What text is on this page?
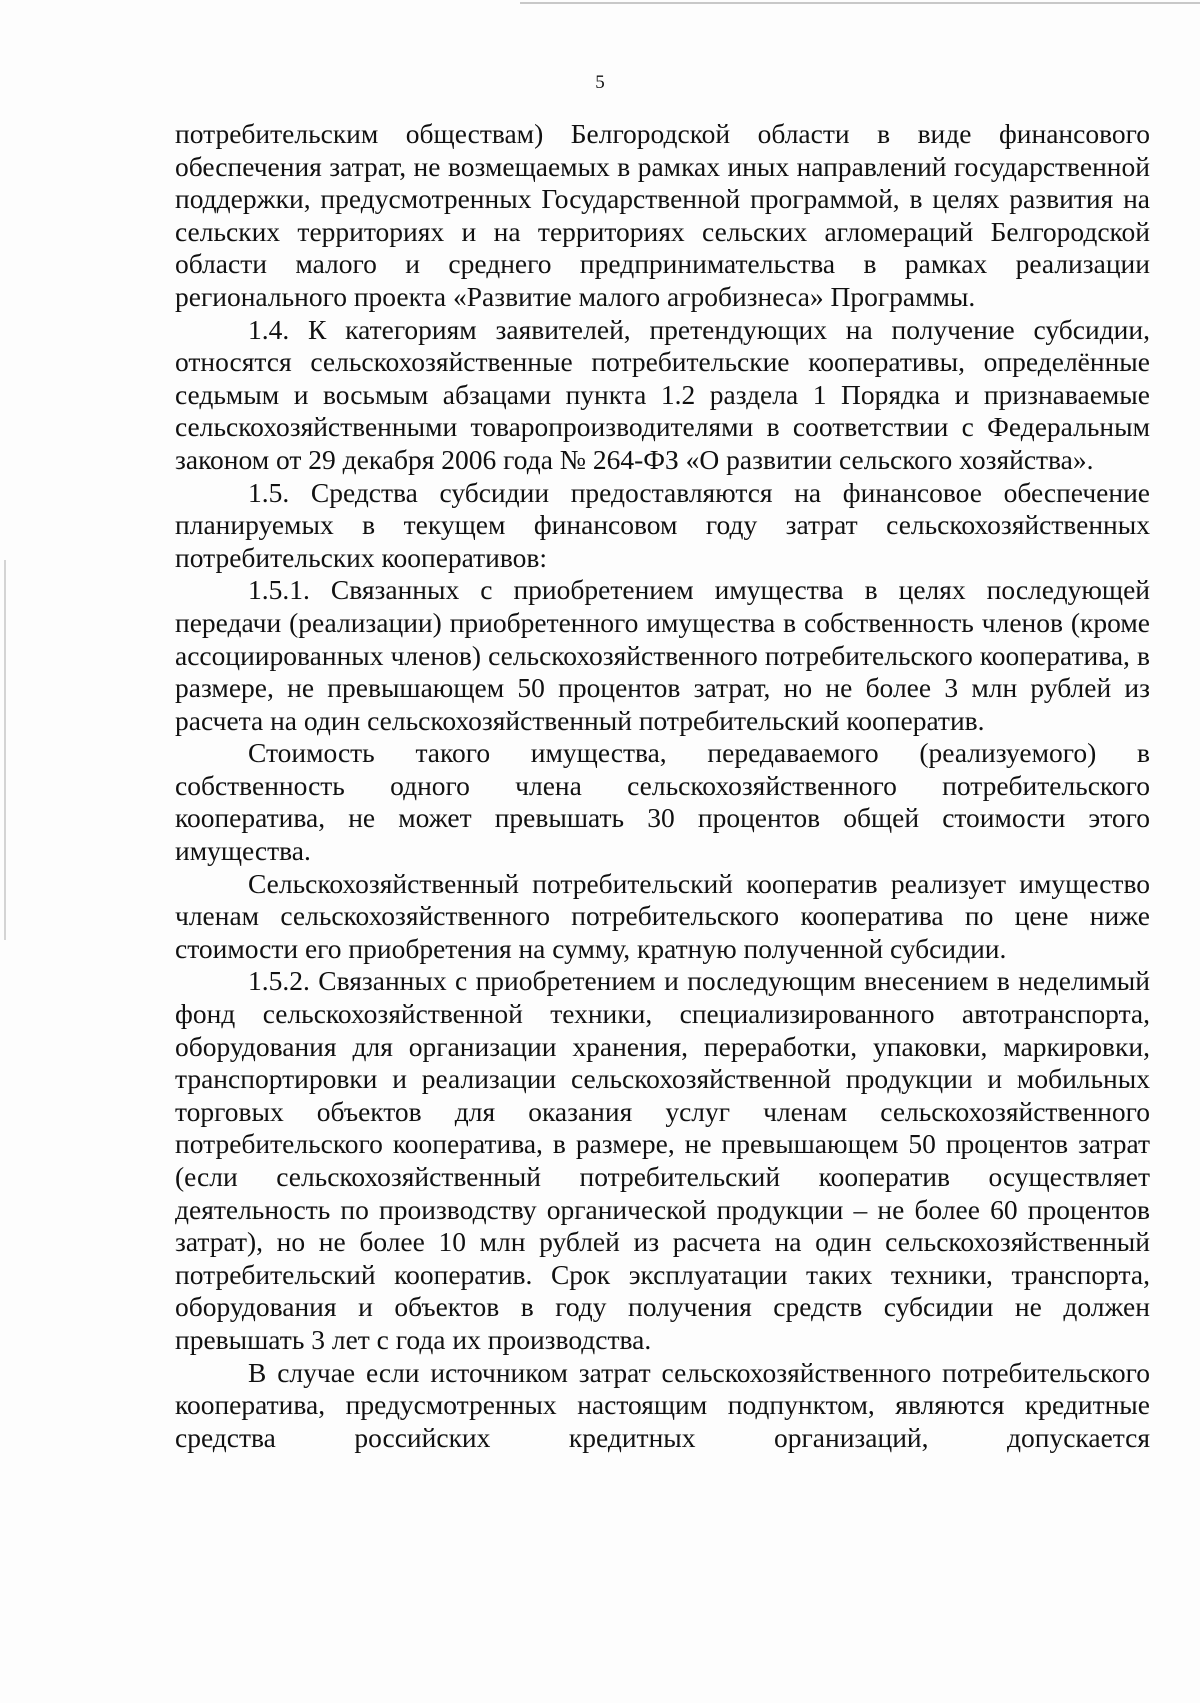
5

потребительским обществам) Белгородской области в виде финансового обеспечения затрат, не возмещаемых в рамках иных направлений государственной поддержки, предусмотренных Государственной программой, в целях развития на сельских территориях и на территориях сельских агломераций Белгородской области малого и среднего предпринимательства в рамках реализации регионального проекта «Развитие малого агробизнеса» Программы.

1.4. К категориям заявителей, претендующих на получение субсидии, относятся сельскохозяйственные потребительские кооперативы, определённые седьмым и восьмым абзацами пункта 1.2 раздела 1 Порядка и признаваемые сельскохозяйственными товаропроизводителями в соответствии с Федеральным законом от 29 декабря 2006 года № 264-ФЗ «О развитии сельского хозяйства».

1.5. Средства субсидии предоставляются на финансовое обеспечение планируемых в текущем финансовом году затрат сельскохозяйственных потребительских кооперативов:

1.5.1. Связанных с приобретением имущества в целях последующей передачи (реализации) приобретенного имущества в собственность членов (кроме ассоциированных членов) сельскохозяйственного потребительского кооператива, в размере, не превышающем 50 процентов затрат, но не более 3 млн рублей из расчета на один сельскохозяйственный потребительский кооператив.

Стоимость такого имущества, передаваемого (реализуемого) в собственность одного члена сельскохозяйственного потребительского кооператива, не может превышать 30 процентов общей стоимости этого имущества.

Сельскохозяйственный потребительский кооператив реализует имущество членам сельскохозяйственного потребительского кооператива по цене ниже стоимости его приобретения на сумму, кратную полученной субсидии.

1.5.2. Связанных с приобретением и последующим внесением в неделимый фонд сельскохозяйственной техники, специализированного автотранспорта, оборудования для организации хранения, переработки, упаковки, маркировки, транспортировки и реализации сельскохозяйственной продукции и мобильных торговых объектов для оказания услуг членам сельскохозяйственного потребительского кооператива, в размере, не превышающем 50 процентов затрат (если сельскохозяйственный потребительский кооператив осуществляет деятельность по производству органической продукции – не более 60 процентов затрат), но не более 10 млн рублей из расчета на один сельскохозяйственный потребительский кооператив. Срок эксплуатации таких техники, транспорта, оборудования и объектов в году получения средств субсидии не должен превышать 3 лет с года их производства.

В случае если источником затрат сельскохозяйственного потребительского кооператива, предусмотренных настоящим подпунктом, являются кредитные средства российских кредитных организаций, допускается
